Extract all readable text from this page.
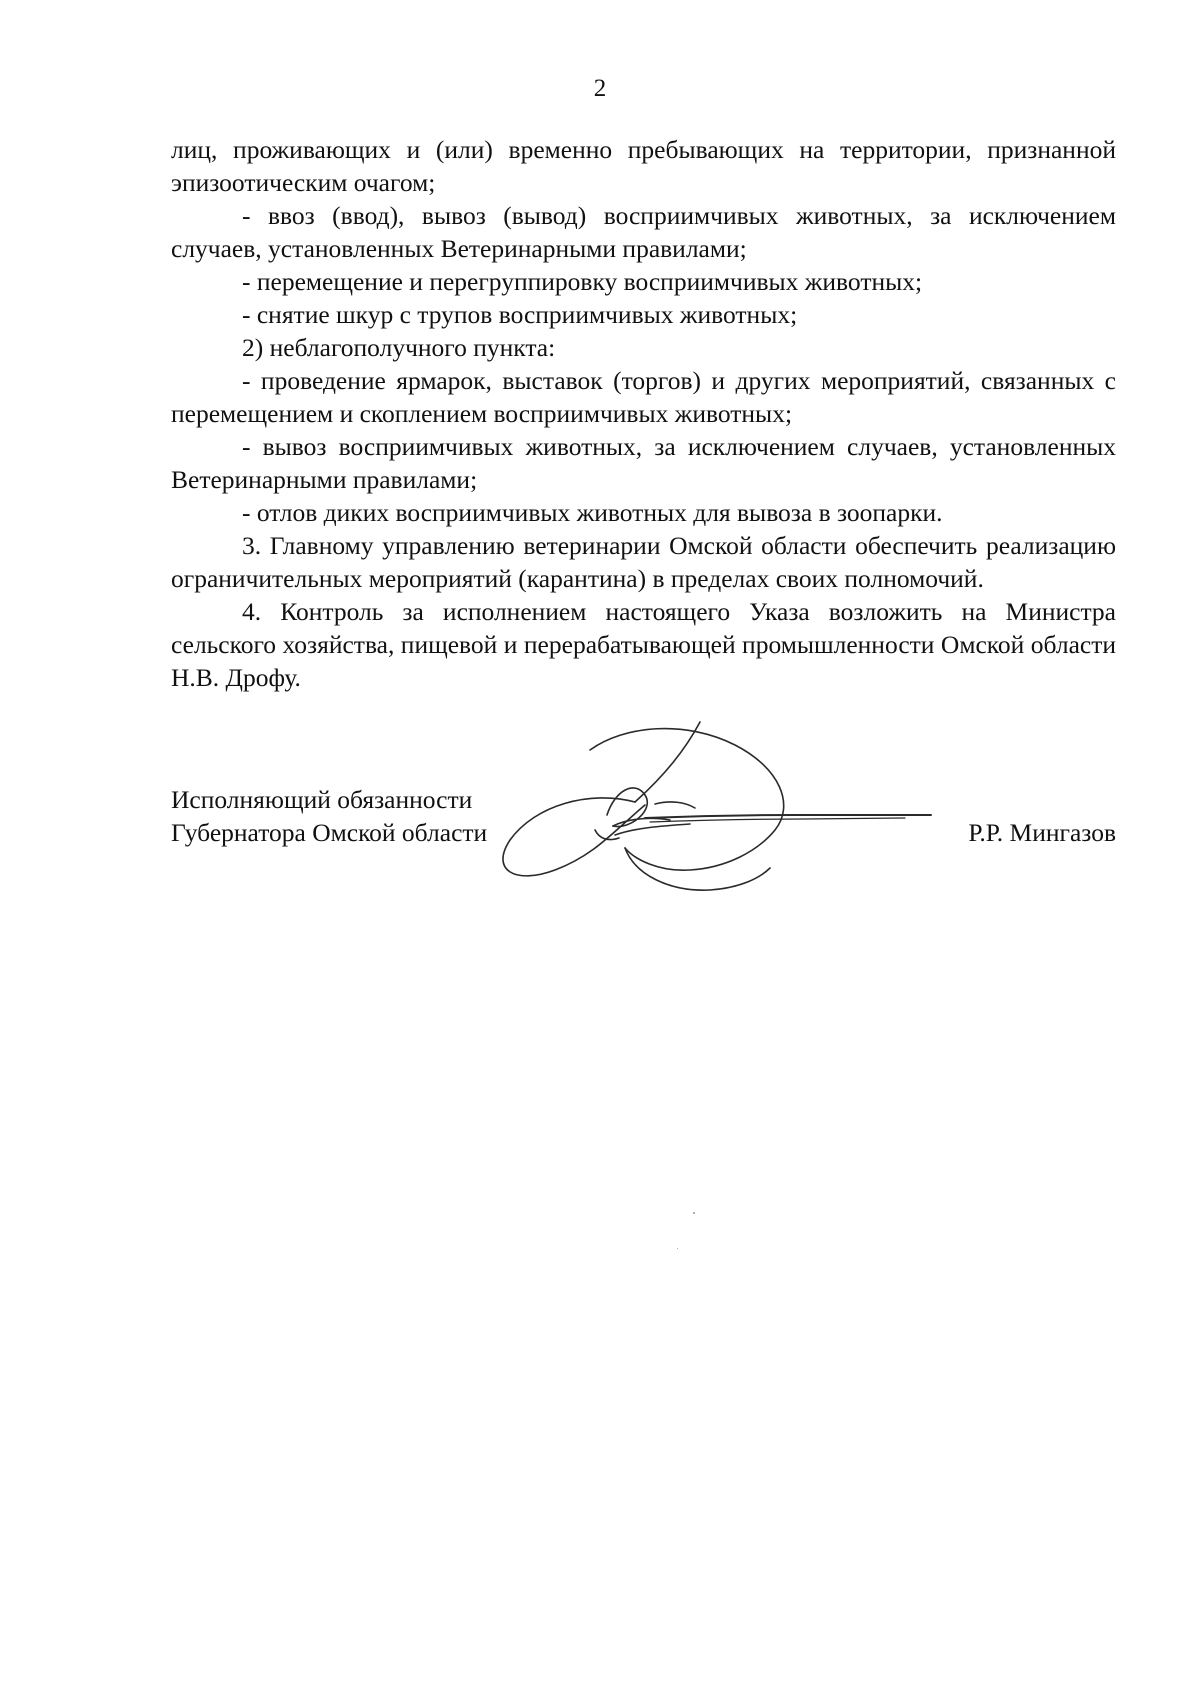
2

лиц, проживающих и (или) временно пребывающих на территории, признанной эпизоотическим очагом;

- ввоз (ввод), вывоз (вывод) восприимчивых животных, за исключением случаев, установленных Ветеринарными правилами;

- перемещение и перегруппировку восприимчивых животных;

- снятие шкур с трупов восприимчивых животных;

2) неблагополучного пункта:

- проведение ярмарок, выставок (торгов) и других мероприятий, связанных с перемещением и скоплением восприимчивых животных;

- вывоз восприимчивых животных, за исключением случаев, установленных Ветеринарными правилами;

- отлов диких восприимчивых животных для вывоза в зоопарки.

3. Главному управлению ветеринарии Омской области обеспечить реализацию ограничительных мероприятий (карантина) в пределах своих полномочий.

4. Контроль за исполнением настоящего Указа возложить на Министра сельского хозяйства, пищевой и перерабатывающей промышленности Омской области Н.В. Дрофу.

Исполняющий обязанности
Губернатора Омской области	Р.Р. Мингазов
